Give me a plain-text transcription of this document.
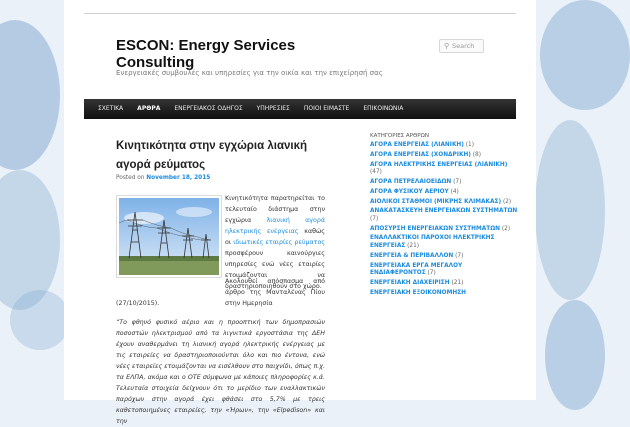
ESCON: Energy Services Consulting
Ενεργειακές συμβουλές και υπηρεσίες για την οικία και την επιχείρησή σας
⚲ Search
ΣΧΕΤΙΚΑ	ΑΡΘΡΑ	ΕΝΕΡΓΕΙΑΚΟΣ ΟΔΗΓΟΣ	ΥΠΗΡΕΣΙΕΣ	ΠΟΙΟΙ ΕΙΜΑΣΤΕ	ΕΠΙΚΟΙΝΩΝΙΑ
Κινητικότητα στην εγχώρια λιανική αγορά ρεύματος
Posted on November 18, 2015
Κινητικότητα παρατηρείται το τελευταίο διάστημα στην εγχώρια λιανική αγορά ηλεκτρικής ενέργειας καθώς οι ιδιωτικές εταιρίες ρεύματος προσφέρουν καινούργιες υπηρεσίες ενώ νέες εταιρίες ετοιμάζονται να δραστηριοποιηθούν στο χώρο.
Ακολουθεί απόσπασμα από άρθρο της Μανταλένας Πίου στην Ημερησία
(27/10/2015).
“Το φθηνό φυσικό αέριο και η προοπτική των δημοπρασιών ποσοστών ηλεκτρισμού από τα λιγνιτικά εργοστάσια της ΔΕΗ έχουν αναθερμάνει τη λιανική αγορά ηλεκτρικής ενέργειας με τις εταιρείες να δραστηριοποιούνται όλο και πιο έντονα, ενώ νέες εταιρείες ετοιμάζονται να εισέλθουν στο παιχνίδι, όπως π.χ. τα ΕΛΠΑ, ακόμα και ο ΟΤΕ σύμφωνα με κάποιες πληροφορίες κ.ά. Τελευταία στοιχεία δείχνουν ότι το μερίδιο των εναλλακτικών παρόχων στην αγορά έχει φθάσει στο 5,7% με τρεις καθετοποιημένες εταιρείες, την «Ήρων», την «Elpedison» και την
ΚΑΤΗΓΟΡΙΕΣ ΑΡΘΡΩΝ
ΑΓΟΡΑ ΕΝΕΡΓΕΙΑΣ (ΛΙΑΝΙΚΗ) (1)
ΑΓΟΡΑ ΕΝΕΡΓΕΙΑΣ (ΧΟΝΔΡΙΚΗ) (8)
ΑΓΟΡΑ ΗΛΕΚΤΡΙΚΗΣ ΕΝΕΡΓΕΙΑΣ (ΛΙΑΝΙΚΗ) (47)
ΑΓΟΡΑ ΠΕΤΡΕΛΑΙΟΕΙΔΩΝ (7)
ΑΓΟΡΑ ΦΥΣΙΚΟΥ ΑΕΡΙΟΥ (4)
ΑΙΟΛΙΚΟΙ ΣΤΑΘΜΟΙ (ΜΙΚΡΗΣ ΚΛΙΜΑΚΑΣ) (2)
ΑΝΑΚΑΤΑΣΚΕΥΗ ΕΝΕΡΓΕΙΑΚΩΝ ΣΥΣΤΗΜΑΤΩΝ (7)
ΑΠΟΣΥΡΣΗ ΕΝΕΡΓΕΙΑΚΩΝ ΣΥΣΤΗΜΑΤΩΝ (2)
ΕΝΑΛΛΑΚΤΙΚΟΙ ΠΑΡΟΧΟΙ ΗΛΕΚΤΡΙΚΗΣ ΕΝΕΡΓΕΙΑΣ (21)
ΕΝΕΡΓΕΙΑ & ΠΕΡΙΒΑΛΛΟΝ (7)
ΕΝΕΡΓΕΙΑΚΑ ΕΡΓΑ ΜΕΓΑΛΟΥ ΕΝΔΙΑΦΕΡΟΝΤΟΣ (7)
ΕΝΕΡΓΕΙΑΚΗ ΔΙΑΧΕΙΡΙΣΗ (21)
ΕΝΕΡΓΕΙΑΚΗ ΕΞΟΙΚΟΝΟΜΗΣΗ
